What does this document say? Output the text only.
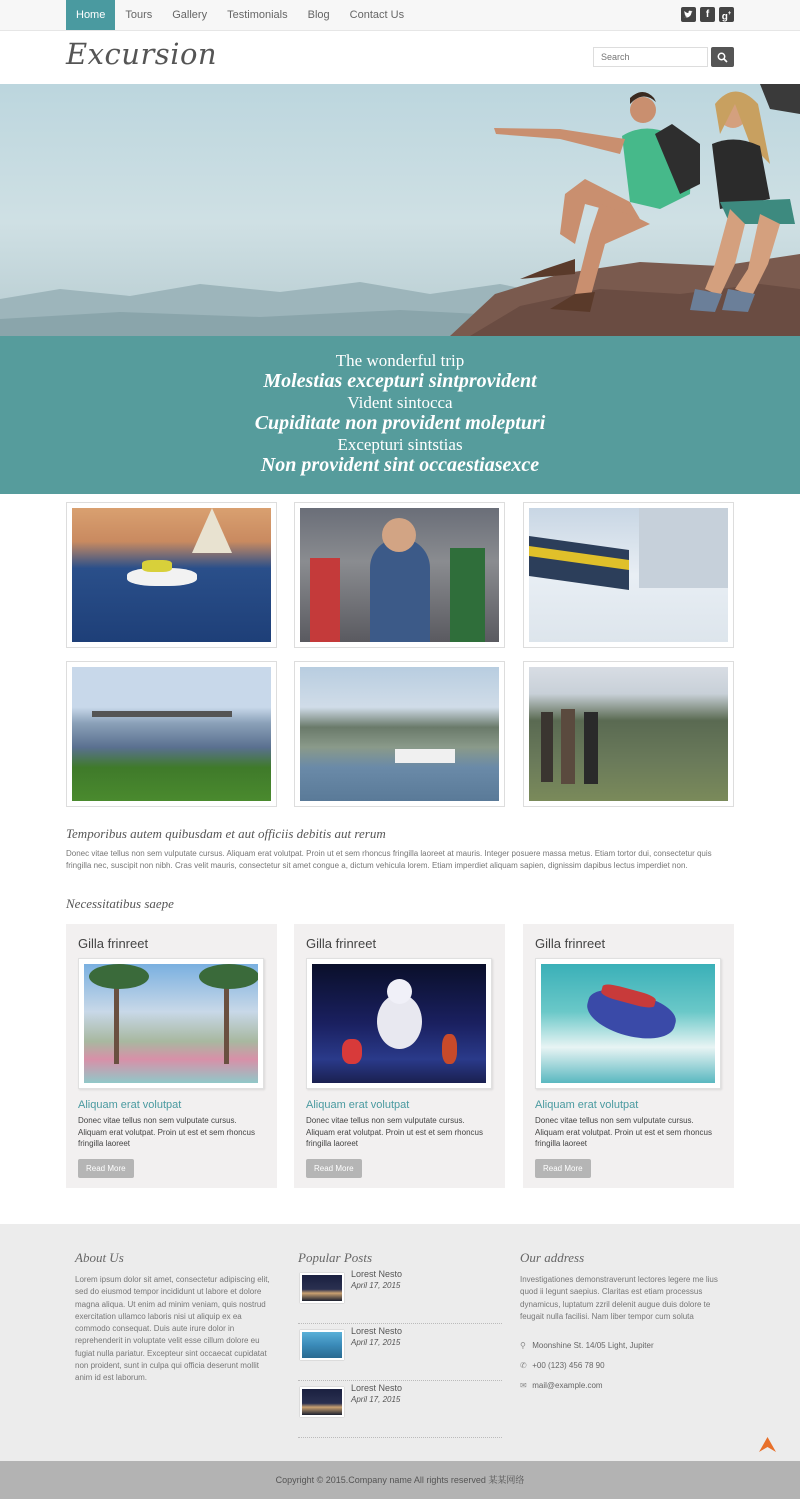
Home	Tours	Gallery	Testimonials	Blog	Contact Us	f	g+
Excursion
Search
The wonderful trip
Molestias excepturi sintprovident
Vident sintocca
Cupiditate non provident molepturi
Excepturi sintstias
Non provident sint occaestiasexce
Temporibus autem quibusdam et aut officiis debitis aut rerum
Donec vitae tellus non sem vulputate cursus. Aliquam erat volutpat. Proin ut et sem rhoncus fringilla laoreet at mauris. Integer posuere massa metus. Etiam tortor dui, consectetur quis fringilla nec, suscipit non nibh. Cras velit mauris, consectetur sit amet congue a, dictum vehicula lorem. Etiam imperdiet aliquam sapien, dignissim dapibus lectus imperdiet non.
Necessitatibus saepe
Gilla frinreet
Aliquam erat volutpat
Donec vitae tellus non sem vulputate cursus. Aliquam erat volutpat. Proin ut est et sem rhoncus fringilla laoreet
Read More
Gilla frinreet
Aliquam erat volutpat
Donec vitae tellus non sem vulputate cursus. Aliquam erat volutpat. Proin ut est et sem rhoncus fringilla laoreet
Read More
Gilla frinreet
Aliquam erat volutpat
Donec vitae tellus non sem vulputate cursus. Aliquam erat volutpat. Proin ut est et sem rhoncus fringilla laoreet
Read More
About Us
Lorem ipsum dolor sit amet, consectetur adipiscing elit, sed do eiusmod tempor incididunt ut labore et dolore magna aliqua. Ut enim ad minim veniam, quis nostrud exercitation ullamco laboris nisi ut aliquip ex ea commodo consequat. Duis aute irure dolor in reprehenderit in voluptate velit esse cillum dolore eu fugiat nulla pariatur. Excepteur sint occaecat cupidatat non proident, sunt in culpa qui officia deserunt mollit anim id est laborum.
Popular Posts
Lorest Nesto
April 17, 2015
Lorest Nesto
April 17, 2015
Lorest Nesto
April 17, 2015
Our address
Investigationes demonstraverunt lectores legere me lius quod ii legunt saepius. Claritas est etiam processus dynamicus, luptatum zzril delenit augue duis dolore te feugait nulla facilisi. Nam liber tempor cum soluta
⚲ Moonshine St. 14/05 Light, Jupiter
✆ +00 (123) 456 78 90
✉ mail@example.com
Copyright © 2015.Company name All rights reserved 某某网络
